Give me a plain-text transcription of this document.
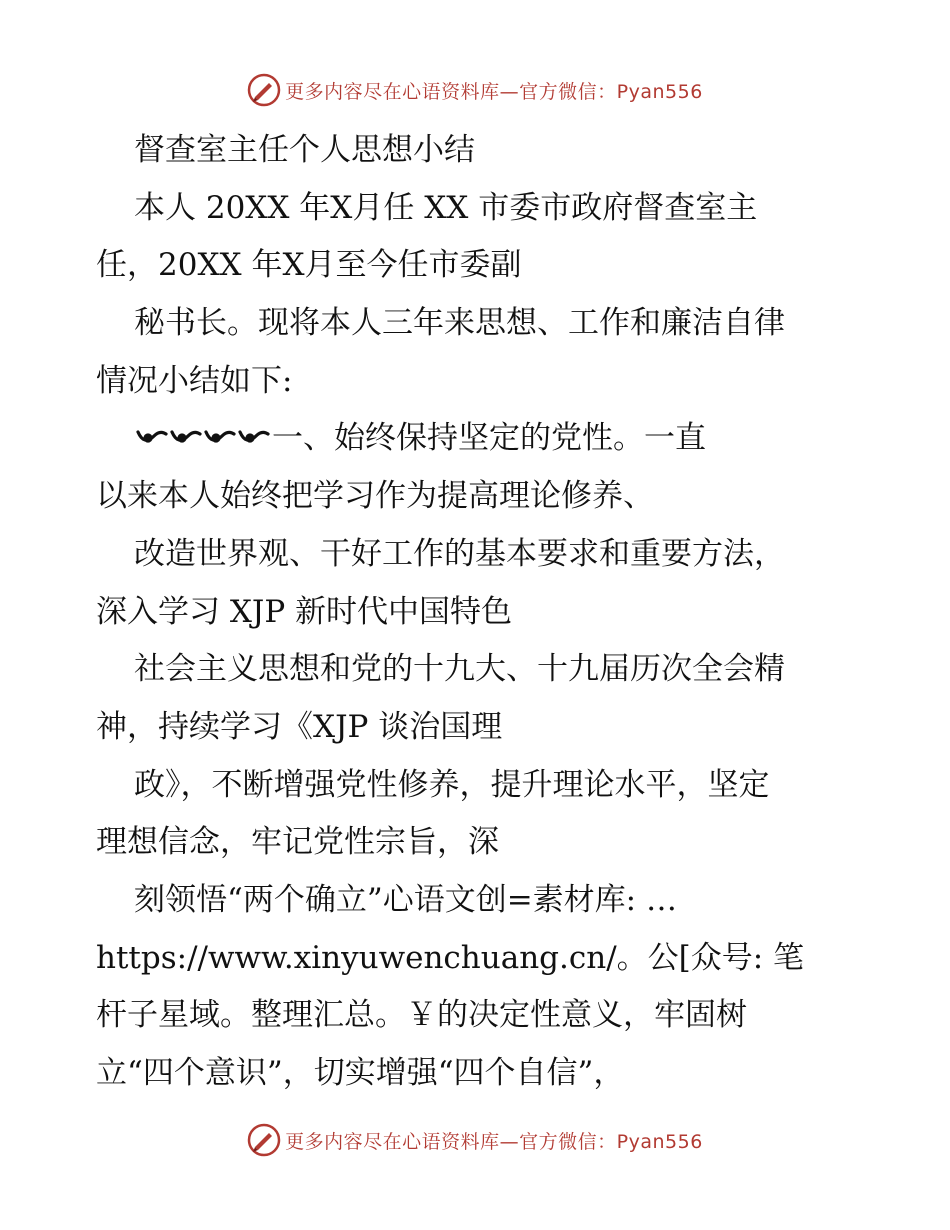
更多内容尽在心语资料库—官方微信：Pyan556
督查室主任个人思想小结
本人 20XX 年X月任 XX 市委市政府督查室主
任，20XX 年X月至今任市委副
秘书长。现将本人三年来思想、工作和廉洁自律
情况小结如下:
一、始终保持坚定的党性。一直
以来本人始终把学习作为提高理论修养、
改造世界观、干好工作的基本要求和重要方法，
深入学习 XJP 新时代中国特色
社会主义思想和党的十九大、十九届历次全会精
神，持续学习《XJP 谈治国理
政》，不断增强党性修养，提升理论水平，坚定
理想信念，牢记党性宗旨，深
刻领悟“两个确立”心语文创=素材库: …
https://www.xinyuwenchuang.cn/。公[众号: 笔
杆子星域。整理汇总。￥的决定性意义，牢固树
立“四个意识”，切实增强“四个自信”，
更多内容尽在心语资料库—官方微信：Pyan556
